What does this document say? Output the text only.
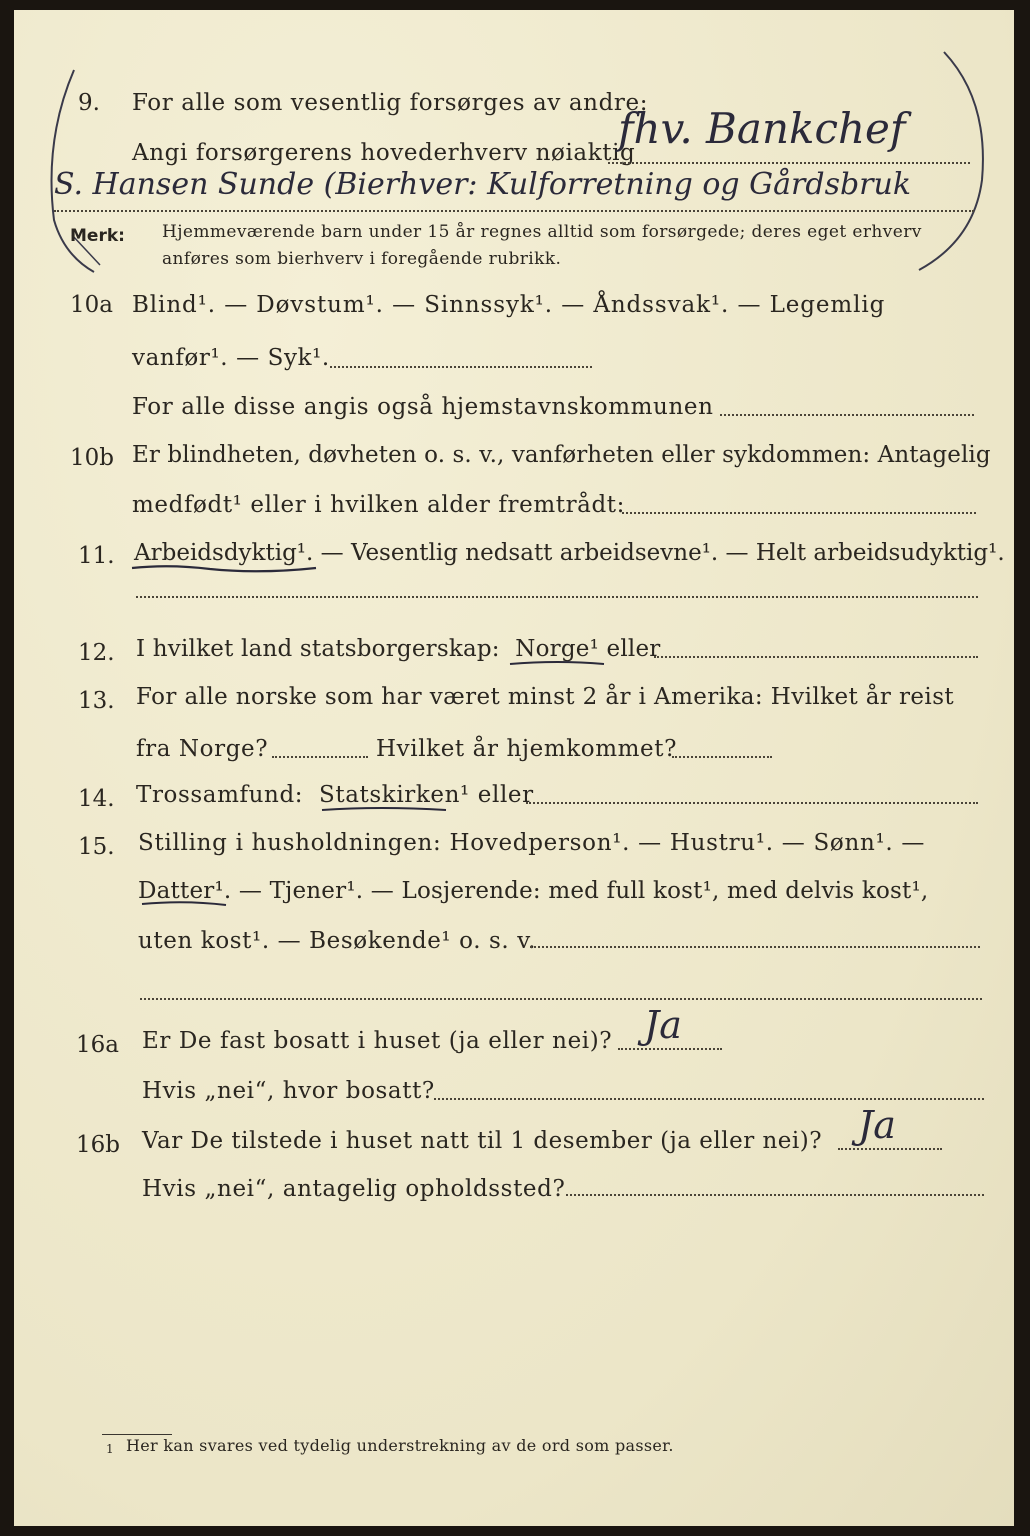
9. For alle som vesentlig forsørges av andre:
Angi forsørgerens hovederhverv nøiaktig
fhv. Bankchef
S. Hansen Sunde (Bierhver: Kulforretning og Gårdsbruk
Merk: Hjemmeværende barn under 15 år regnes alltid som forsørgede; deres eget erhverv
anføres som bierhverv i foregående rubrikk.
10a Blind¹. — Døvstum¹. — Sinnssyk¹. — Åndssvak¹. — Legemlig
vanfør¹. — Syk¹.
For alle disse angis også hjemstavnskommunen
10b Er blindheten, døvheten o. s. v., vanførheten eller sykdommen: Antagelig
medfødt¹ eller i hvilken alder fremtrådt:
11. Arbeidsdyktig¹. — Vesentlig nedsatt arbeidsevne¹. — Helt arbeidsudyktig¹.
12. I hvilket land statsborgerskap: Norge¹ eller
13. For alle norske som har været minst 2 år i Amerika: Hvilket år reist
fra Norge?	Hvilket år hjemkommet?
14. Trossamfund: Statskirken¹ eller
15. Stilling i husholdningen: Hovedperson¹. — Hustru¹. — Sønn¹. —
Datter¹. — Tjener¹. — Losjerende: med full kost¹, med delvis kost¹,
uten kost¹. — Besøkende¹ o. s. v.
16a Er De fast bosatt i huset (ja eller nei)? Ja
Hvis „nei“, hvor bosatt?
16b Var De tilstede i huset natt til 1 desember (ja eller nei)? Ja
Hvis „nei“, antagelig opholdssted?
1 Her kan svares ved tydelig understrekning av de ord som passer.
